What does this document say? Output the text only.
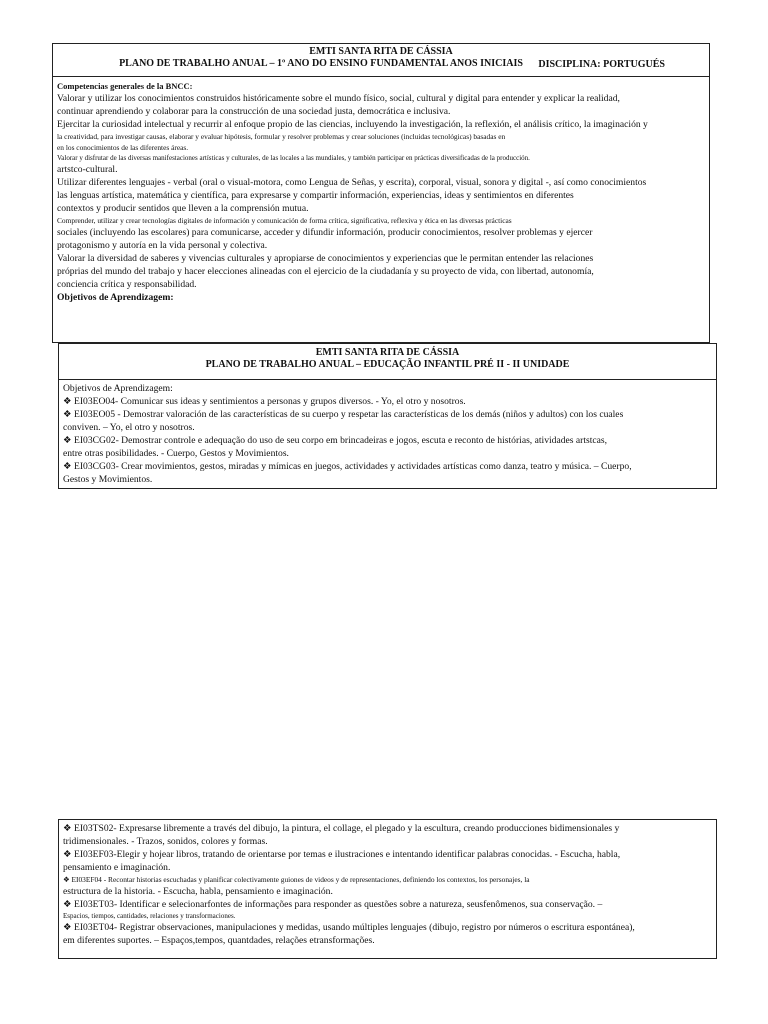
EMTI SANTA RITA DE CÁSSIA
PLANO DE TRABALHO ANUAL – 1º ANO DO ENSINO FUNDAMENTAL ANOS INICIAIS	DISCIPLINA: PORTUGUÉS

Competencias generales de la BNCC:

Valorar y utilizar los conocimientos construidos históricamente sobre el mundo físico, social, cultural y digital para entender y explicar la realidad,

continuar aprendiendo y colaborar para la construcción de una sociedad justa, democrática e inclusiva.

Ejercitar la curiosidad intelectual y recurrir al enfoque propio de las ciencias, incluyendo la investigación, la reflexión, el análisis crítico, la imaginación y

la creatividad, para investigar causas, elaborar y evaluar hipótesis, formular y resolver problemas y crear soluciones (incluidas tecnológicas) basadas en

en los conocimientos de las diferentes áreas.

Valorar y disfrutar de las diversas manifestaciones artísticas y culturales, de las locales a las mundiales, y también participar en prácticas diversificadas de la producción.

artstco-cultural.

Utilizar diferentes lenguajes - verbal (oral o visual-motora, como Lengua de Señas, y escrita), corporal, visual, sonora y digital -, así como conocimientos

las lenguas artística, matemática y científica, para expresarse y compartir información, experiencias, ideas y sentimientos en diferentes

contextos y producir sentidos que lleven a la comprensión mutua.

Comprender, utilizar y crear tecnologías digitales de información y comunicación de forma crítica, significativa, reflexiva y ética en las diversas prácticas

sociales (incluyendo las escolares) para comunicarse, acceder y difundir información, producir conocimientos, resolver problemas y ejercer

protagonismo y autoría en la vida personal y colectiva.

Valorar la diversidad de saberes y vivencias culturales y apropiarse de conocimientos y experiencias que le permitan entender las relaciones

próprias del mundo del trabajo y hacer elecciones alineadas con el ejercicio de la ciudadanía y su proyecto de vida, con libertad, autonomía,

conciencia crítica y responsabilidad.

Objetivos de Aprendizagem:

EMTI SANTA RITA DE CÁSSIA
PLANO DE TRABALHO ANUAL – EDUCAÇÃO INFANTIL PRÉ II - II UNIDADE

Objetivos de Aprendizagem:

❖ EI03EO04- Comunicar sus ideas y sentimientos a personas y grupos diversos. - Yo, el otro y nosotros.

❖ EI03EO05 - Demostrar valoración de las características de su cuerpo y respetar las características de los demás (niños y adultos) con los cuales

conviven. – Yo, el otro y nosotros.

❖ EI03CG02- Demostrar controle e adequação do uso de seu corpo em brincadeiras e jogos, escuta e reconto de histórias, atividades artstcas,

entre otras posibilidades. - Cuerpo, Gestos y Movimientos.

❖ EI03CG03- Crear movimientos, gestos, miradas y mímicas en juegos, actividades y actividades artísticas como danza, teatro y música. – Cuerpo,

Gestos y Movimientos.

❖ EI03TS02- Expresarse libremente a través del dibujo, la pintura, el collage, el plegado y la escultura, creando producciones bidimensionales y

tridimensionales. - Trazos, sonidos, colores y formas.

❖ EI03EF03-Elegir y hojear libros, tratando de orientarse por temas e ilustraciones e intentando identificar palabras conocidas. - Escucha, habla,

pensamiento e imaginación.

❖ EI03EF04 - Recontar historias escuchadas y planificar colectivamente guiones de videos y de representaciones, definiendo los contextos, los personajes, la

estructura de la historia. - Escucha, habla, pensamiento e imaginación.

❖ EI03ET03- Identificar e selecionarfontes de informações para responder as questões sobre a natureza, seusfenômenos, sua conservação. –

Espacios, tiempos, cantidades, relaciones y transformaciones.

❖ EI03ET04- Registrar observaciones, manipulaciones y medidas, usando múltiples lenguajes (dibujo, registro por números o escritura espontánea),

em diferentes suportes. – Espaços,tempos, quantdades, relações etransformações.
